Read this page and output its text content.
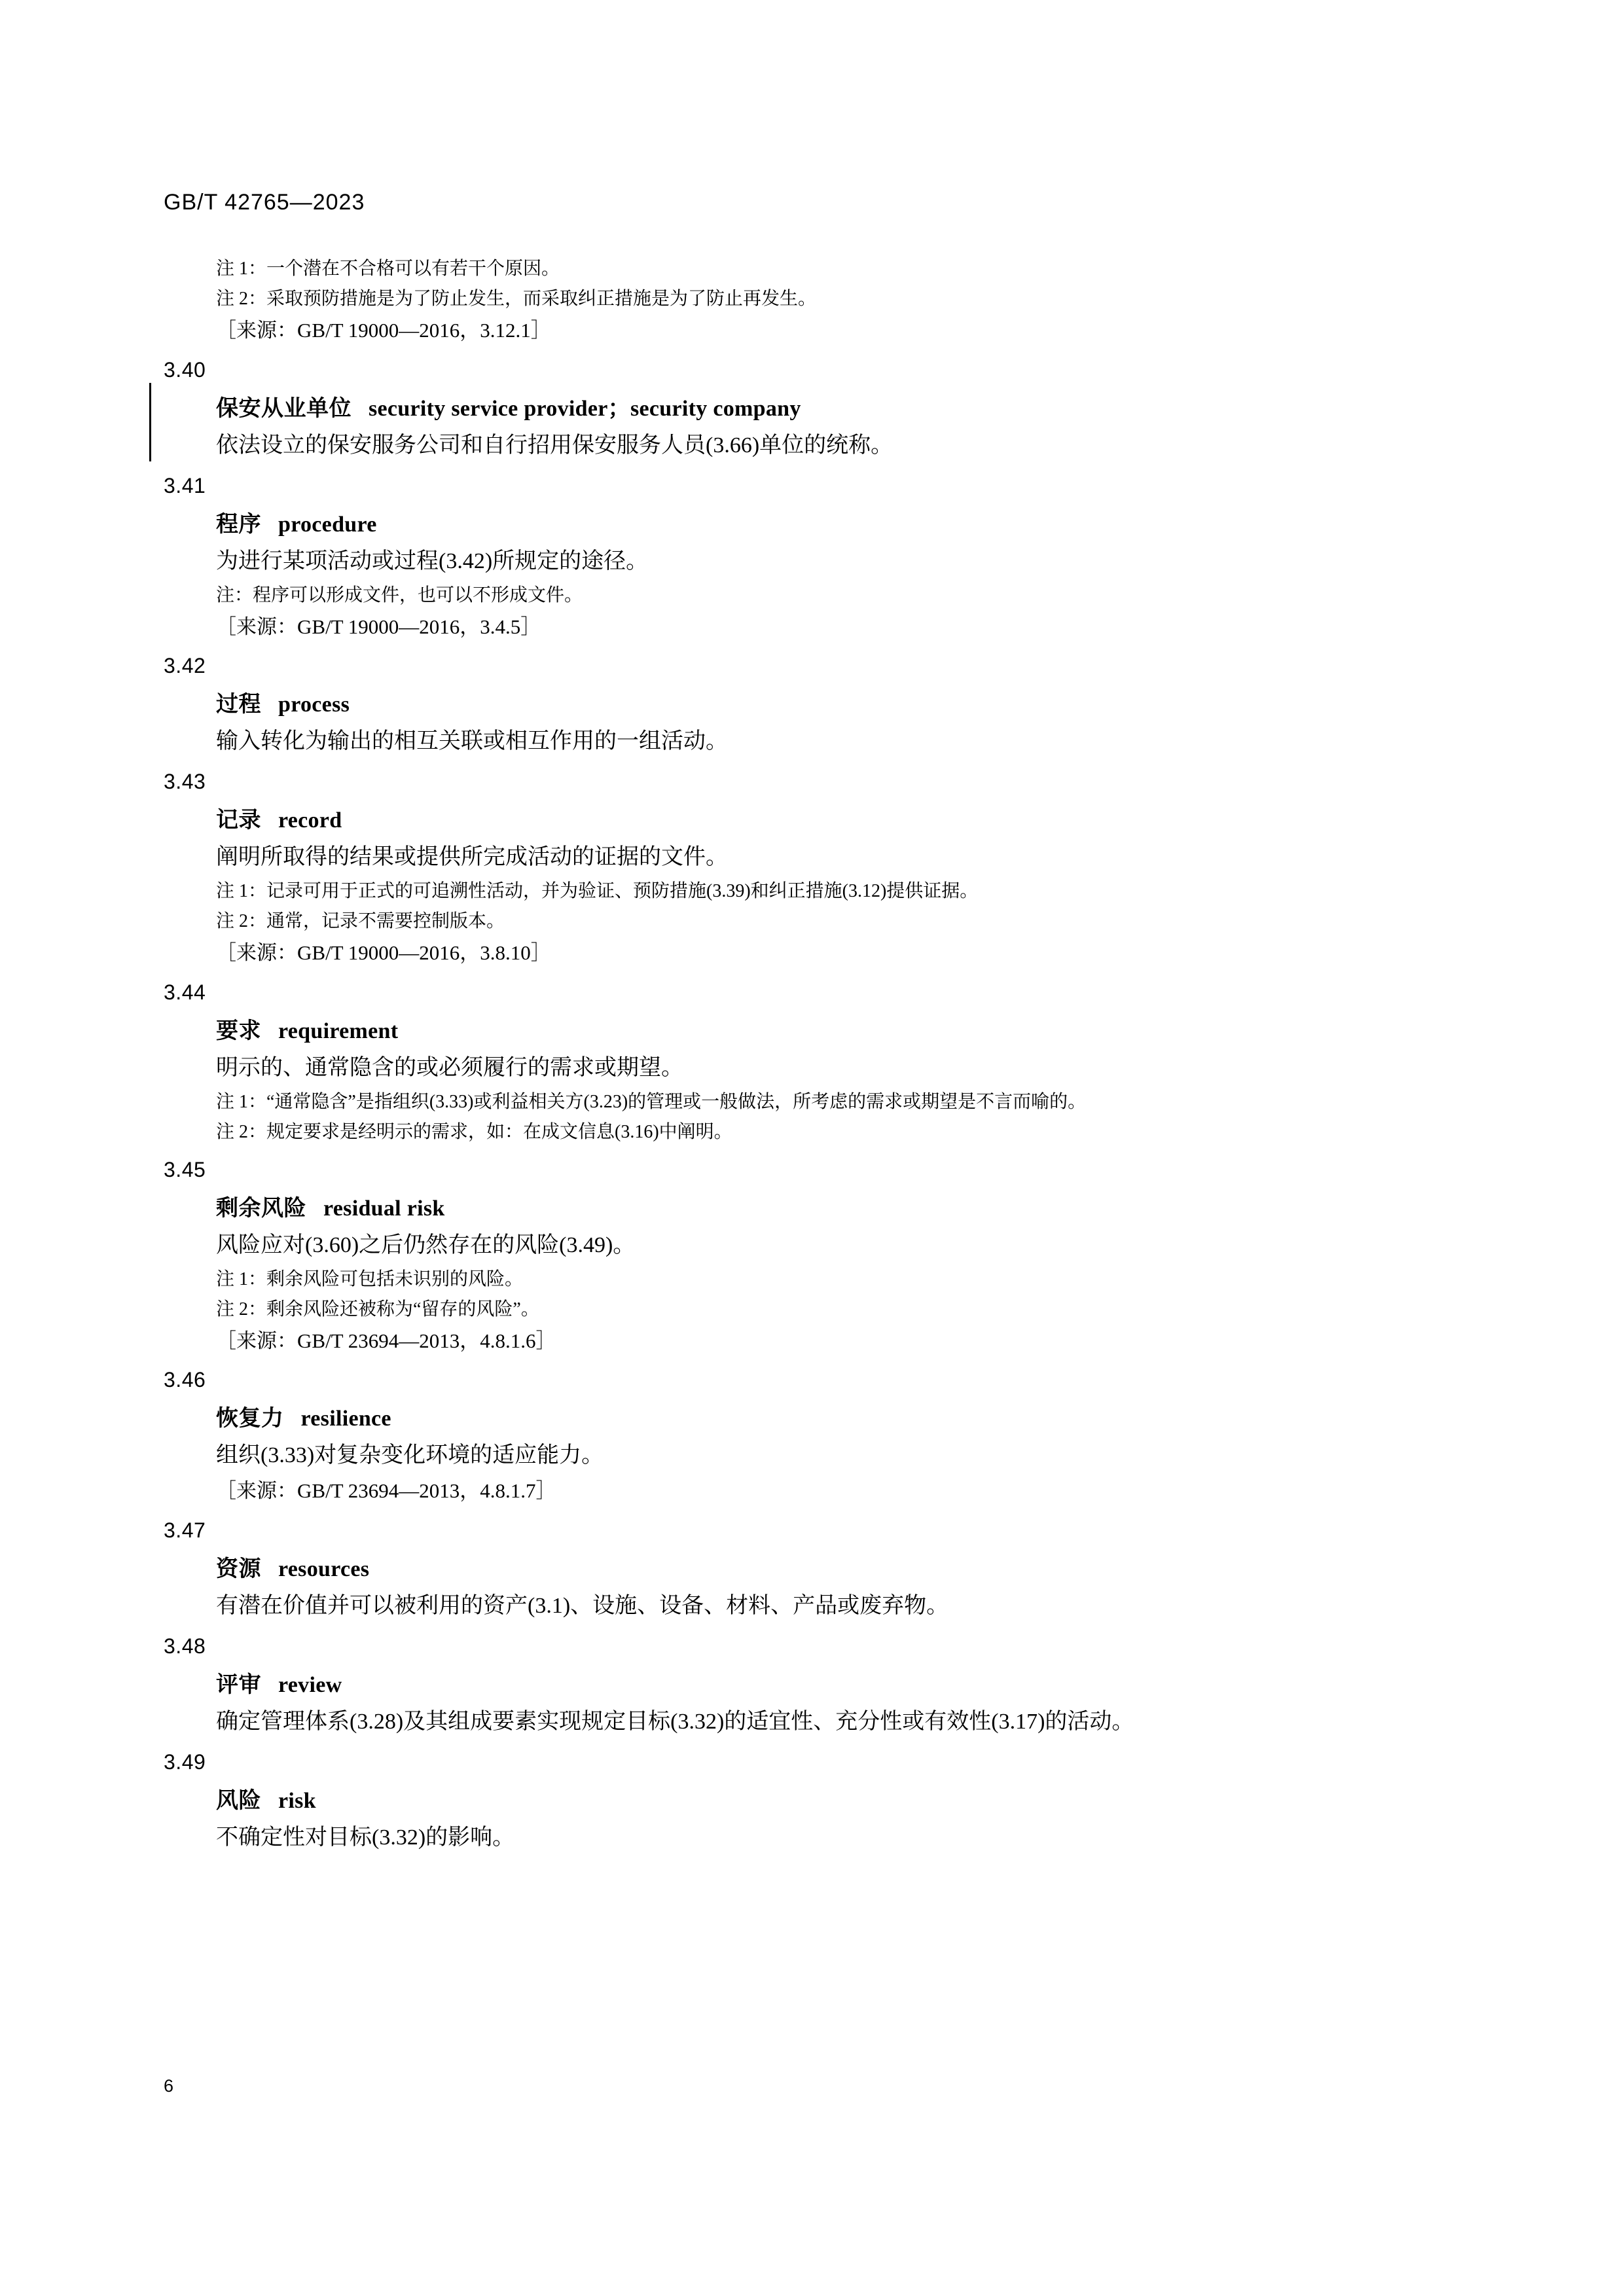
GB/T 42765—2023
注 1：一个潜在不合格可以有若干个原因。
注 2：采取预防措施是为了防止发生，而采取纠正措施是为了防止再发生。
［来源：GB/T 19000—2016，3.12.1］
3.40
保安从业单位 security service provider；security company
依法设立的保安服务公司和自行招用保安服务人员(3.66)单位的统称。
3.41
程序 procedure
为进行某项活动或过程(3.42)所规定的途径。
注：程序可以形成文件，也可以不形成文件。
［来源：GB/T 19000—2016，3.4.5］
3.42
过程 process
输入转化为输出的相互关联或相互作用的一组活动。
3.43
记录 record
阐明所取得的结果或提供所完成活动的证据的文件。
注 1：记录可用于正式的可追溯性活动，并为验证、预防措施(3.39)和纠正措施(3.12)提供证据。
注 2：通常，记录不需要控制版本。
［来源：GB/T 19000—2016，3.8.10］
3.44
要求 requirement
明示的、通常隐含的或必须履行的需求或期望。
注 1：“通常隐含”是指组织(3.33)或利益相关方(3.23)的管理或一般做法，所考虑的需求或期望是不言而喻的。
注 2：规定要求是经明示的需求，如：在成文信息(3.16)中阐明。
3.45
剩余风险 residual risk
风险应对(3.60)之后仍然存在的风险(3.49)。
注 1：剩余风险可包括未识别的风险。
注 2：剩余风险还被称为“留存的风险”。
［来源：GB/T 23694—2013，4.8.1.6］
3.46
恢复力 resilience
组织(3.33)对复杂变化环境的适应能力。
［来源：GB/T 23694—2013，4.8.1.7］
3.47
资源 resources
有潜在价值并可以被利用的资产(3.1)、设施、设备、材料、产品或废弃物。
3.48
评审 review
确定管理体系(3.28)及其组成要素实现规定目标(3.32)的适宜性、充分性或有效性(3.17)的活动。
3.49
风险 risk
不确定性对目标(3.32)的影响。
6
